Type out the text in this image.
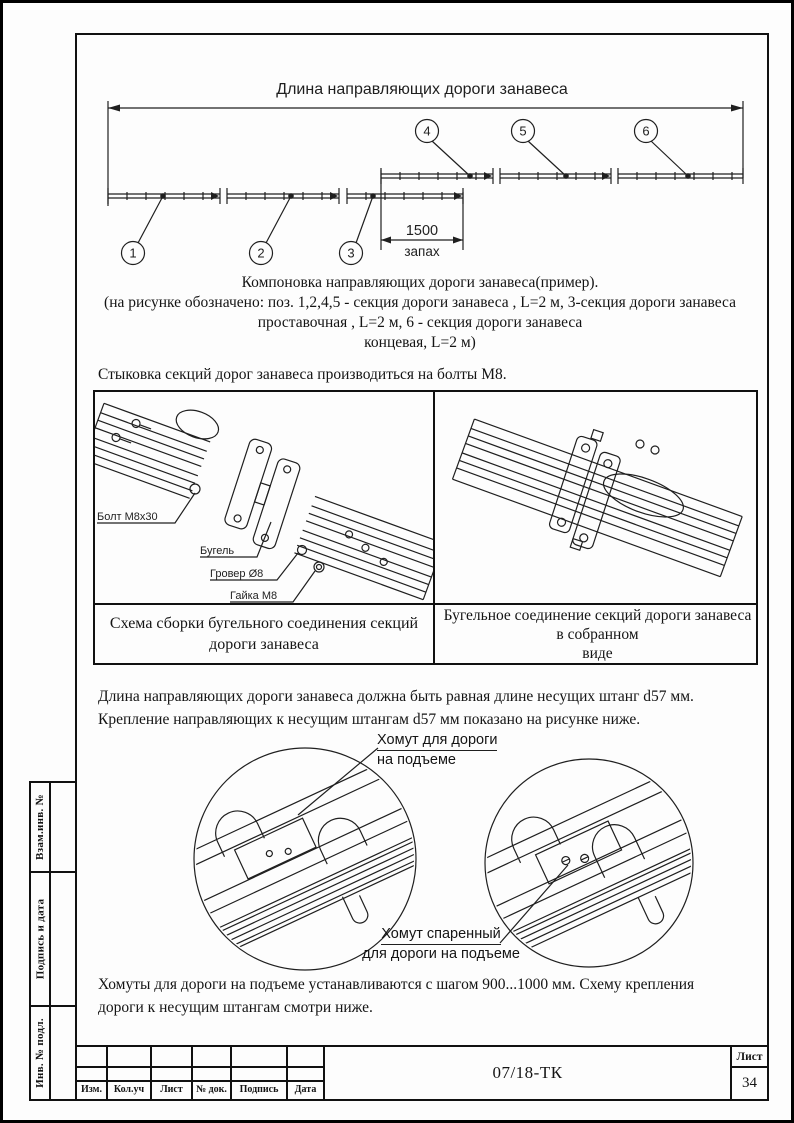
Длина направляющих дороги занавеса
1	2	3
4	5	6
1500
запах
Компоновка направляющих дороги занавеса(пример).
(на рисунке обозначено: поз. 1,2,4,5 - секция дороги занавеса , L=2 м, 3-секция дороги занавеса
проставочная , L=2 м, 6 - секция дороги занавеса
концевая, L=2 м)
Стыковка секций дорог занавеса производиться на болты М8.
Болт М8х30
Бугель
Гровер Ø8
Гайка М8
Схема сборки бугельного соединения секций
дороги занавеса
Бугельное соединение секций дороги занавеса
в собранном
виде
Длина направляющих дороги занавеса должна быть равная длине несущих штанг d57 мм.
Крепление направляющих к несущим штангам d57 мм показано на рисунке ниже.
Хомут для дороги
на подъеме
Хомут спаренный
для дороги на подъеме
Хомуты для дороги на подъеме устанавливаются с шагом 900...1000 мм. Схему крепления
дороги к несущим штангам смотри ниже.
Взам.инв. №
Подпись и дата
Инв. № подл.
Изм.	Кол.уч	Лист	№ док.	Подпись	Дата
07/18-ТК
Лист
34
